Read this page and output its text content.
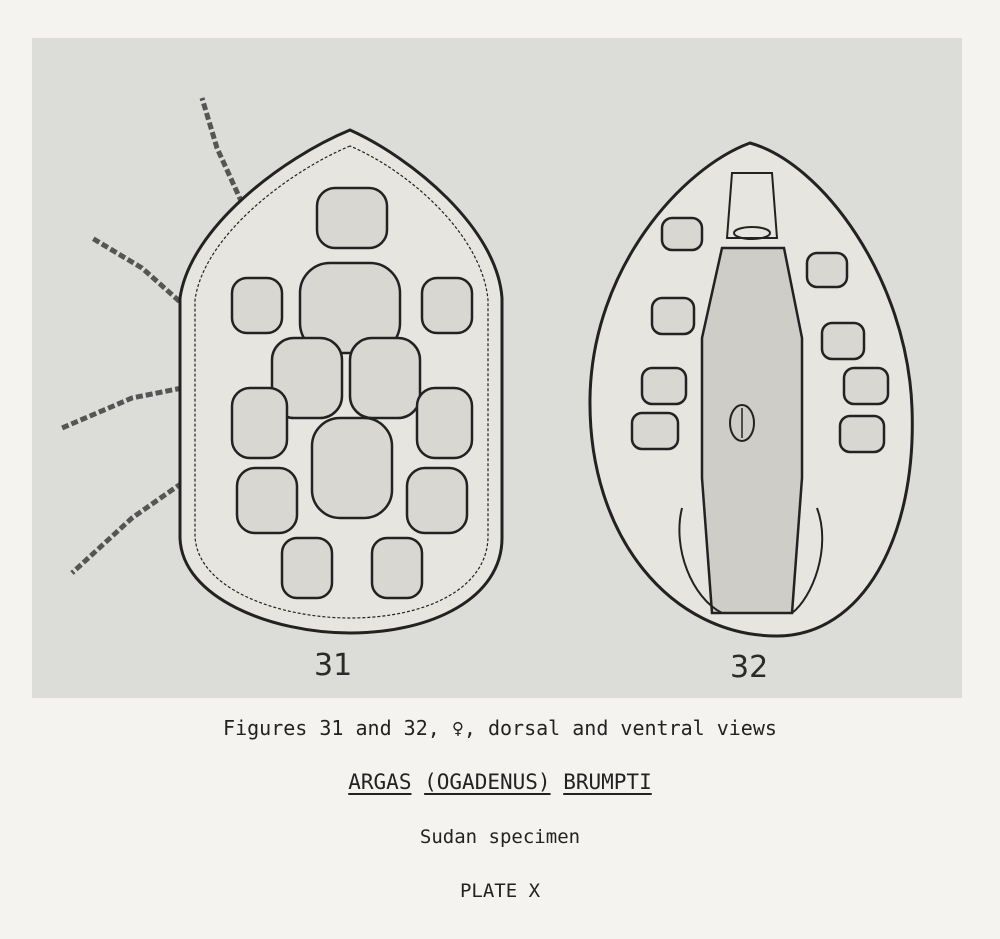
31	32
Figures 31 and 32, ♀, dorsal and ventral views
ARGAS (OGADENUS) BRUMPTI
Sudan specimen
PLATE X
